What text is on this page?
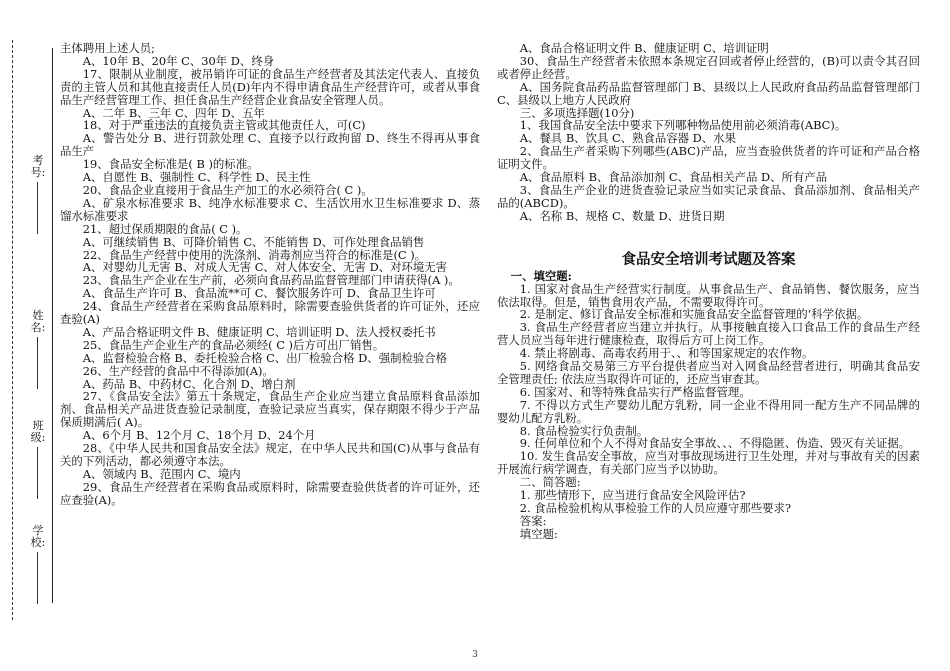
考号:
姓名:
班级:
学校:

主体聘用上述人员;

A、10年 B、20年 C、30年 D、终身

17、限制从业制度，被吊销许可证的食品生产经营者及其法定代表人、直接负责的主管人员和其他直接责任人员(D)年内不得申请食品生产经营许可，或者从事食品生产经营管理工作、担任食品生产经营企业食品安全管理人员。

A、二年 B、三年 C、四年 D、五年

18、对于严重违法的直接负责主管或其他责任人，可(C)

A、警告处分 B、进行罚款处理 C、直接予以行政拘留 D、终生不得再从事食品生产

19、食品安全标准是( B )的标准。

A、自愿性 B、强制性 C、科学性 D、民主性

20、食品企业直接用于食品生产加工的水必须符合( C )。

A、矿泉水标准要求 B、纯净水标准要求 C、生活饮用水卫生标准要求 D、蒸馏水标准要求

21、超过保质期限的食品( C )。

A、可继续销售 B、可降价销售 C、不能销售 D、可作处理食品销售

22、食品生产经营中使用的洗涤剂、消毒剂应当符合的标准是(C )。

A、对婴幼儿无害 B、对成人无害 C、对人体安全、无害 D、对环境无害

23、食品生产企业在生产前，必须向食品药品监督管理部门申请获得(A )。

A、食品生产许可 B、食品流**可 C、餐饮服务许可 D、食品卫生许可

24、食品生产经营者在采购食品原料时，除需要查验供货者的许可证外，还应查验(A)

A、产品合格证明文件 B、健康证明 C、培训证明 D、法人授权委托书

25、食品生产企业生产的食品必须经( C )后方可出厂销售。

A、监督检验合格 B、委托检验合格 C、出厂检验合格 D、强制检验合格

26、生产经营的食品中不得添加(A)。

A、药品 B、中药材C、化合剂 D、增白剂

27、《食品安全法》第五十条规定，食品生产企业应当建立食品原料食品添加剂、食品相关产品进货查验记录制度，查验记录应当真实，保存期限不得少于产品保质期满后( A)。

A、6个月 B、12个月 C、18个月 D、24个月

28、《中华人民共和国食品安全法》规定，在中华人民共和国(C)从事与食品有关的下列活动，都必须遵守本法。

A、领域内 B、范围内 C、境内

29、食品生产经营者在采购食品或原料时，除需要查验供货者的许可证外，还应查验(A)。

A、食品合格证明文件 B、健康证明 C、培训证明

30、食品生产经营者未依照本条规定召回或者停止经营的，(B)可以责令其召回或者停止经营。

A、国务院食品药品监督管理部门 B、县级以上人民政府食品药品监督管理部门 C、县级以上地方人民政府

三、多项选择题(10分)

1、我国食品安全法中要求下列哪种物品使用前必须消毒(ABC)。

A、餐具 B、饮具 C、熟食品容器 D、水果

2、食品生产者采购下列哪些(ABC)产品，应当查验供货者的许可证和产品合格证明文件。

A、食品原料 B、食品添加剂 C、食品相关产品 D、所有产品

3、食品生产企业的进货查验记录应当如实记录食品、食品添加剂、食品相关产品的(ABCD)。

A、名称 B、规格 C、数量 D、进货日期

食品安全培训考试题及答案

一、填空题:

1. 国家对食品生产经营实行制度。从事食品生产、食品销售、餐饮服务，应当依法取得。但是，销售食用农产品，不需要取得许可。

2. 是制定、修订食品安全标准和实施食品安全监督管理的‘科学依据。

3. 食品生产经营者应当建立并执行。从事接触直接入口食品工作的食品生产经营人员应当每年进行健康检查，取得后方可上岗工作。

4. 禁止将剧毒、高毒农药用于、、和等国家规定的农作物。

5. 网络食品交易第三方平台提供者应当对入网食品经营者进行，明确其食品安全管理责任; 依法应当取得许可证的，还应当审查其。

6. 国家对、和等特殊食品实行严格监督管理。

7. 不得以方式生产婴幼儿配方乳粉，同一企业不得用同一配方生产不同品牌的婴幼儿配方乳粉。

8. 食品检验实行负责制。

9. 任何单位和个人不得对食品安全事故、、、不得隐匿、伪造、毁灭有关证据。

10. 发生食品安全事故，应当对事故现场进行卫生处理，并对与事故有关的因素开展流行病学调查，有关部门应当予以协助。

二、简答题:

1. 那些情形下，应当进行食品安全风险评估?

2. 食品检验机构从事检验工作的人员应遵守那些要求?

答案:

填空题:

3
